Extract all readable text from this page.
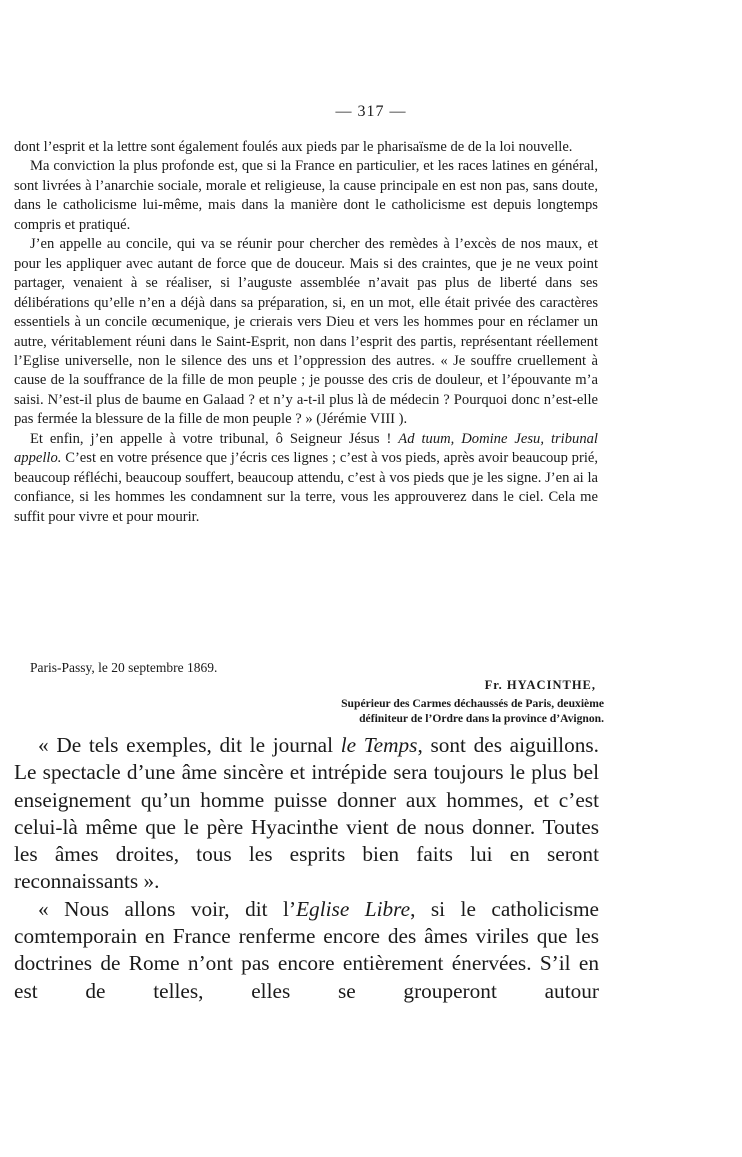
— 317 —

dont l’esprit et la lettre sont également foulés aux pieds par le pharisaïsme de de la loi nouvelle.

Ma conviction la plus profonde est, que si la France en particulier, et les races latines en général, sont livrées à l’anarchie sociale, morale et religieuse, la cause principale en est non pas, sans doute, dans le catholicisme lui-même, mais dans la manière dont le catholicisme est depuis longtemps compris et pratiqué.

J’en appelle au concile, qui va se réunir pour chercher des remèdes à l’excès de nos maux, et pour les appliquer avec autant de force que de douceur. Mais si des craintes, que je ne veux point partager, venaient à se réaliser, si l’auguste assemblée n’avait pas plus de liberté dans ses délibérations qu’elle n’en a déjà dans sa préparation, si, en un mot, elle était privée des caractères essentiels à un concile œcumenique, je crierais vers Dieu et vers les hommes pour en réclamer un autre, véritablement réuni dans le Saint-Esprit, non dans l’esprit des partis, représentant réellement l’Eglise universelle, non le silence des uns et l’oppression des autres. « Je souffre cruellement à cause de la souffrance de la fille de mon peuple ; je pousse des cris de douleur, et l’épouvante m’a saisi. N’est-il plus de baume en Galaad ? et n’y a-t-il plus là de médecin ? Pourquoi donc n’est-elle pas fermée la blessure de la fille de mon peuple ? » (Jérémie VIII ).

Et enfin, j’en appelle à votre tribunal, ô Seigneur Jésus ! Ad tuum, Domine Jesu, tribunal appello. C’est en votre présence que j’écris ces lignes ; c’est à vos pieds, après avoir beaucoup prié, beaucoup réfléchi, beaucoup souffert, beaucoup attendu, c’est à vos pieds que je les signe. J’en ai la confiance, si les hommes les condamnent sur la terre, vous les approuverez dans le ciel. Cela me suffit pour vivre et pour mourir.

Paris-Passy, le 20 septembre 1869.
Fr. HYACINTHE,
Supérieur des Carmes déchaussés de Paris, deuxième
définiteur de l’Ordre dans la province d’Avignon.

« De tels exemples, dit le journal le Temps, sont des aiguillons. Le spectacle d’une âme sincère et intrépide sera toujours le plus bel enseignement qu’un homme puisse donner aux hommes, et c’est celui-là même que le père Hyacinthe vient de nous donner. Toutes les âmes droites, tous les esprits bien faits lui en seront reconnaissants ».

« Nous allons voir, dit l’Eglise Libre, si le catholicisme comtemporain en France renferme encore des âmes viriles que les doctrines de Rome n’ont pas encore entièrement énervées. S’il en est de telles, elles se grouperont autour
